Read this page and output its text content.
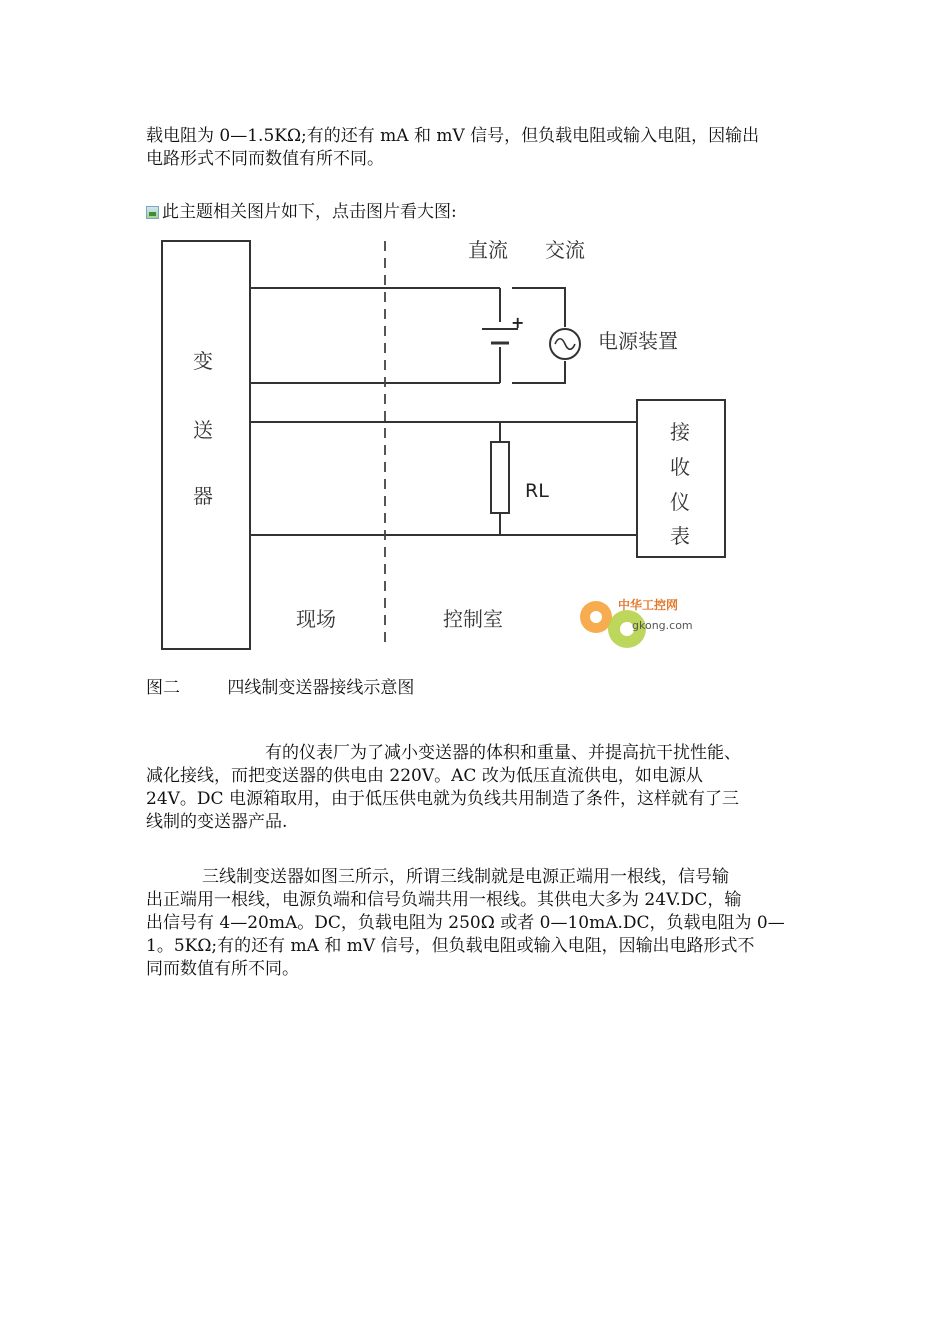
载电阻为 0—1.5KΩ;有的还有 mA 和 mV 信号，但负载电阻或输入电阻，因输出
电路形式不同而数值有所不同。
此主题相关图片如下，点击图片看大图:
+
RL
直流 交流
电源装置
变
送
器
接
收
仪
表
现场	控制室
中华工控网
gkong.com
图二	四线制变送器接线示意图
有的仪表厂为了减小变送器的体积和重量、并提高抗干扰性能、
减化接线，而把变送器的供电由 220V。AC 改为低压直流供电，如电源从
24V。DC 电源箱取用，由于低压供电就为负线共用制造了条件，这样就有了三
线制的变送器产品.
三线制变送器如图三所示，所谓三线制就是电源正端用一根线，信号输
出正端用一根线，电源负端和信号负端共用一根线。其供电大多为 24V.DC，输
出信号有 4—20mA。DC，负载电阻为 250Ω 或者 0—10mA.DC，负载电阻为 0—
1。5KΩ;有的还有 mA 和 mV 信号，但负载电阻或输入电阻，因输出电路形式不
同而数值有所不同。
